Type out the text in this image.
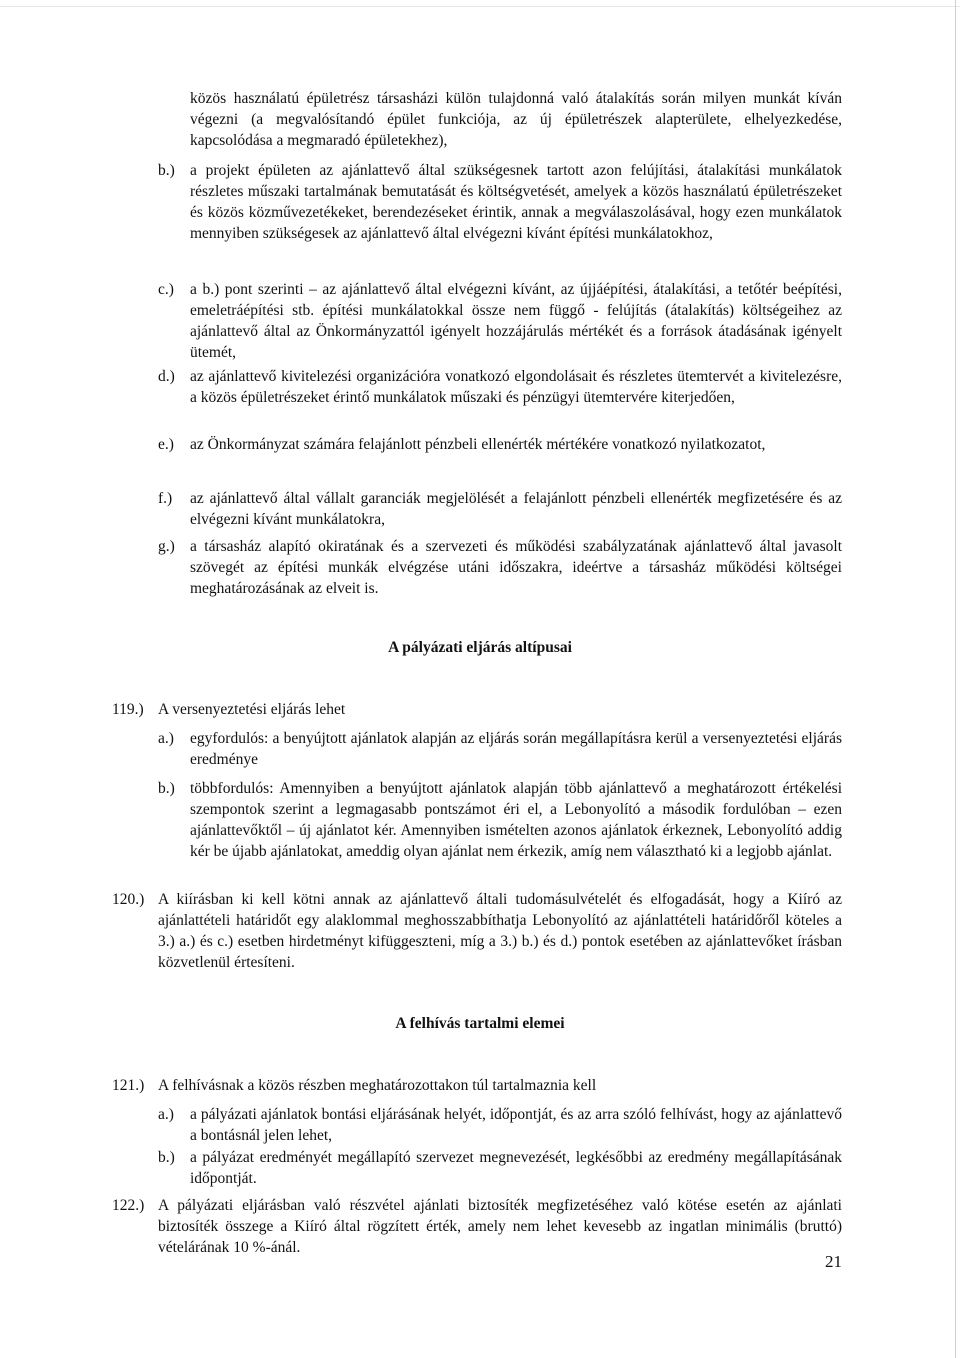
közös használatú épületrész társasházi külön tulajdonná való átalakítás során milyen munkát kíván végezni (a megvalósítandó épület funkciója, az új épületrészek alapterülete, elhelyezkedése, kapcsolódása a megmaradó épületekhez),
b.) a projekt épületen az ajánlattevő által szükségesnek tartott azon felújítási, átalakítási munkálatok részletes műszaki tartalmának bemutatását és költségvetését, amelyek a közös használatú épületrészeket és közös közművezetékeket, berendezéseket érintik, annak a megválaszolásával, hogy ezen munkálatok mennyiben szükségesek az ajánlattevő által elvégezni kívánt építési munkálatokhoz,
c.) a b.) pont szerinti – az ajánlattevő által elvégezni kívánt, az újjáépítési, átalakítási, a tetőtér beépítési, emeletráépítési stb. építési munkálatokkal össze nem függő - felújítás (átalakítás) költségeihez az ajánlattevő által az Önkormányzattól igényelt hozzájárulás mértékét és a források átadásának igényelt ütemét,
d.) az ajánlattevő kivitelezési organizációra vonatkozó elgondolásait és részletes ütemtervét a kivitelezésre, a közös épületrészeket érintő munkálatok műszaki és pénzügyi ütemtervére kiterjedően,
e.) az Önkormányzat számára felajánlott pénzbeli ellenérték mértékére vonatkozó nyilatkozatot,
f.) az ajánlattevő által vállalt garanciák megjelölését a felajánlott pénzbeli ellenérték megfizetésére és az elvégezni kívánt munkálatokra,
g.) a társasház alapító okiratának és a szervezeti és működési szabályzatának ajánlattevő által javasolt szövegét az építési munkák elvégzése utáni időszakra, ideértve a társasház működési költségei meghatározásának az elveit is.
A pályázati eljárás altípusai
119.) A versenyeztetési eljárás lehet
a.) egyfordulós: a benyújtott ajánlatok alapján az eljárás során megállapításra kerül a versenyeztetési eljárás eredménye
b.) többfordulós: Amennyiben a benyújtott ajánlatok alapján több ajánlattevő a meghatározott értékelési szempontok szerint a legmagasabb pontszámot éri el, a Lebonyolító a második fordulóban – ezen ajánlattevőktől – új ajánlatot kér. Amennyiben ismételten azonos ajánlatok érkeznek, Lebonyolító addig kér be újabb ajánlatokat, ameddig olyan ajánlat nem érkezik, amíg nem választható ki a legjobb ajánlat.
120.) A kiírásban ki kell kötni annak az ajánlattevő általi tudomásulvételét és elfogadását, hogy a Kiíró az ajánlattételi határidőt egy alaklommal meghosszabbíthatja Lebonyolító az ajánlattételi határidőről köteles a 3.) a.) és c.) esetben hirdetményt kifüggeszteni, míg a 3.) b.) és d.) pontok esetében az ajánlattevőket írásban közvetlenül értesíteni.
A felhívás tartalmi elemei
121.) A felhívásnak a közös részben meghatározottakon túl tartalmaznia kell
a.) a pályázati ajánlatok bontási eljárásának helyét, időpontját, és az arra szóló felhívást, hogy az ajánlattevő a bontásnál jelen lehet,
b.) a pályázat eredményét megállapító szervezet megnevezését, legkésőbbi az eredmény megállapításának időpontját.
122.) A pályázati eljárásban való részvétel ajánlati biztosíték megfizetéséhez való kötése esetén az ajánlati biztosíték összege a Kiíró által rögzített érték, amely nem lehet kevesebb az ingatlan minimális (bruttó) vételárának 10 %-ánál.
21
